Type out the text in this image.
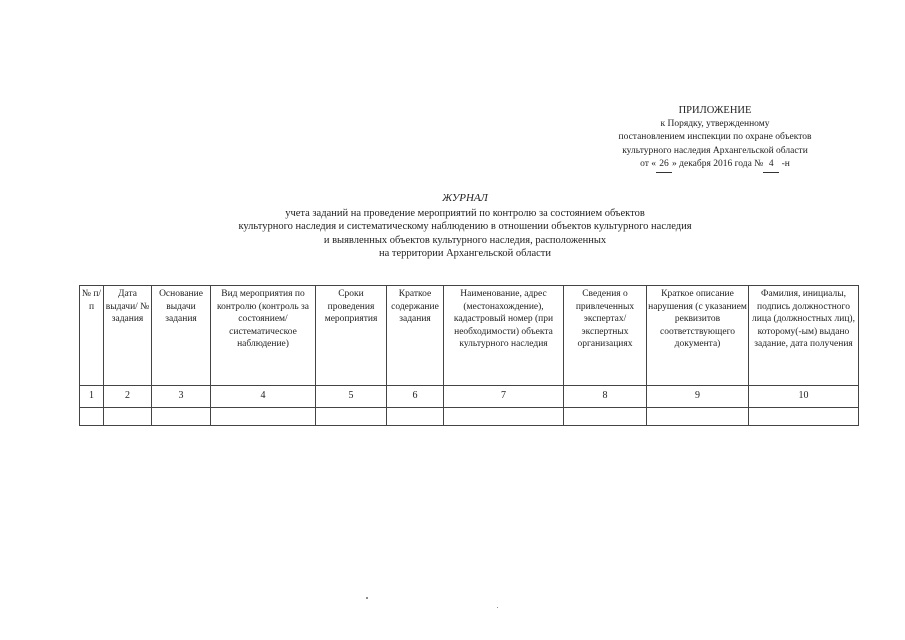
ПРИЛОЖЕНИЕ
к Порядку, утвержденному
постановлением инспекции по охране объектов
культурного наследия Архангельской области
от « 26 » декабря 2016 года № 4 -н
ЖУРНАЛ
учета заданий на проведение мероприятий по контролю за состоянием объектов
культурного наследия и систематическому наблюдению в отношении объектов культурного наследия
и выявленных объектов культурного наследия, расположенных
на территории Архангельской области
№ п/п	Дата выдачи/ № задания	Основание выдачи задания	Вид мероприятия по контролю (контроль за состоянием/ систематическое наблюдение)	Сроки проведения мероприятия	Краткое содержание задания	Наименование, адрес (местонахождение), кадастровый номер (при необходимости) объекта культурного наследия	Сведения о привлеченных экспертах/ экспертных организациях	Краткое описание нарушения (с указанием реквизитов соответствующего документа)	Фамилия, инициалы, подпись должностного лица (должностных лиц), которому(-ым) выдано задание, дата получения
1	2	3	4	5	6	7	8	9	10
